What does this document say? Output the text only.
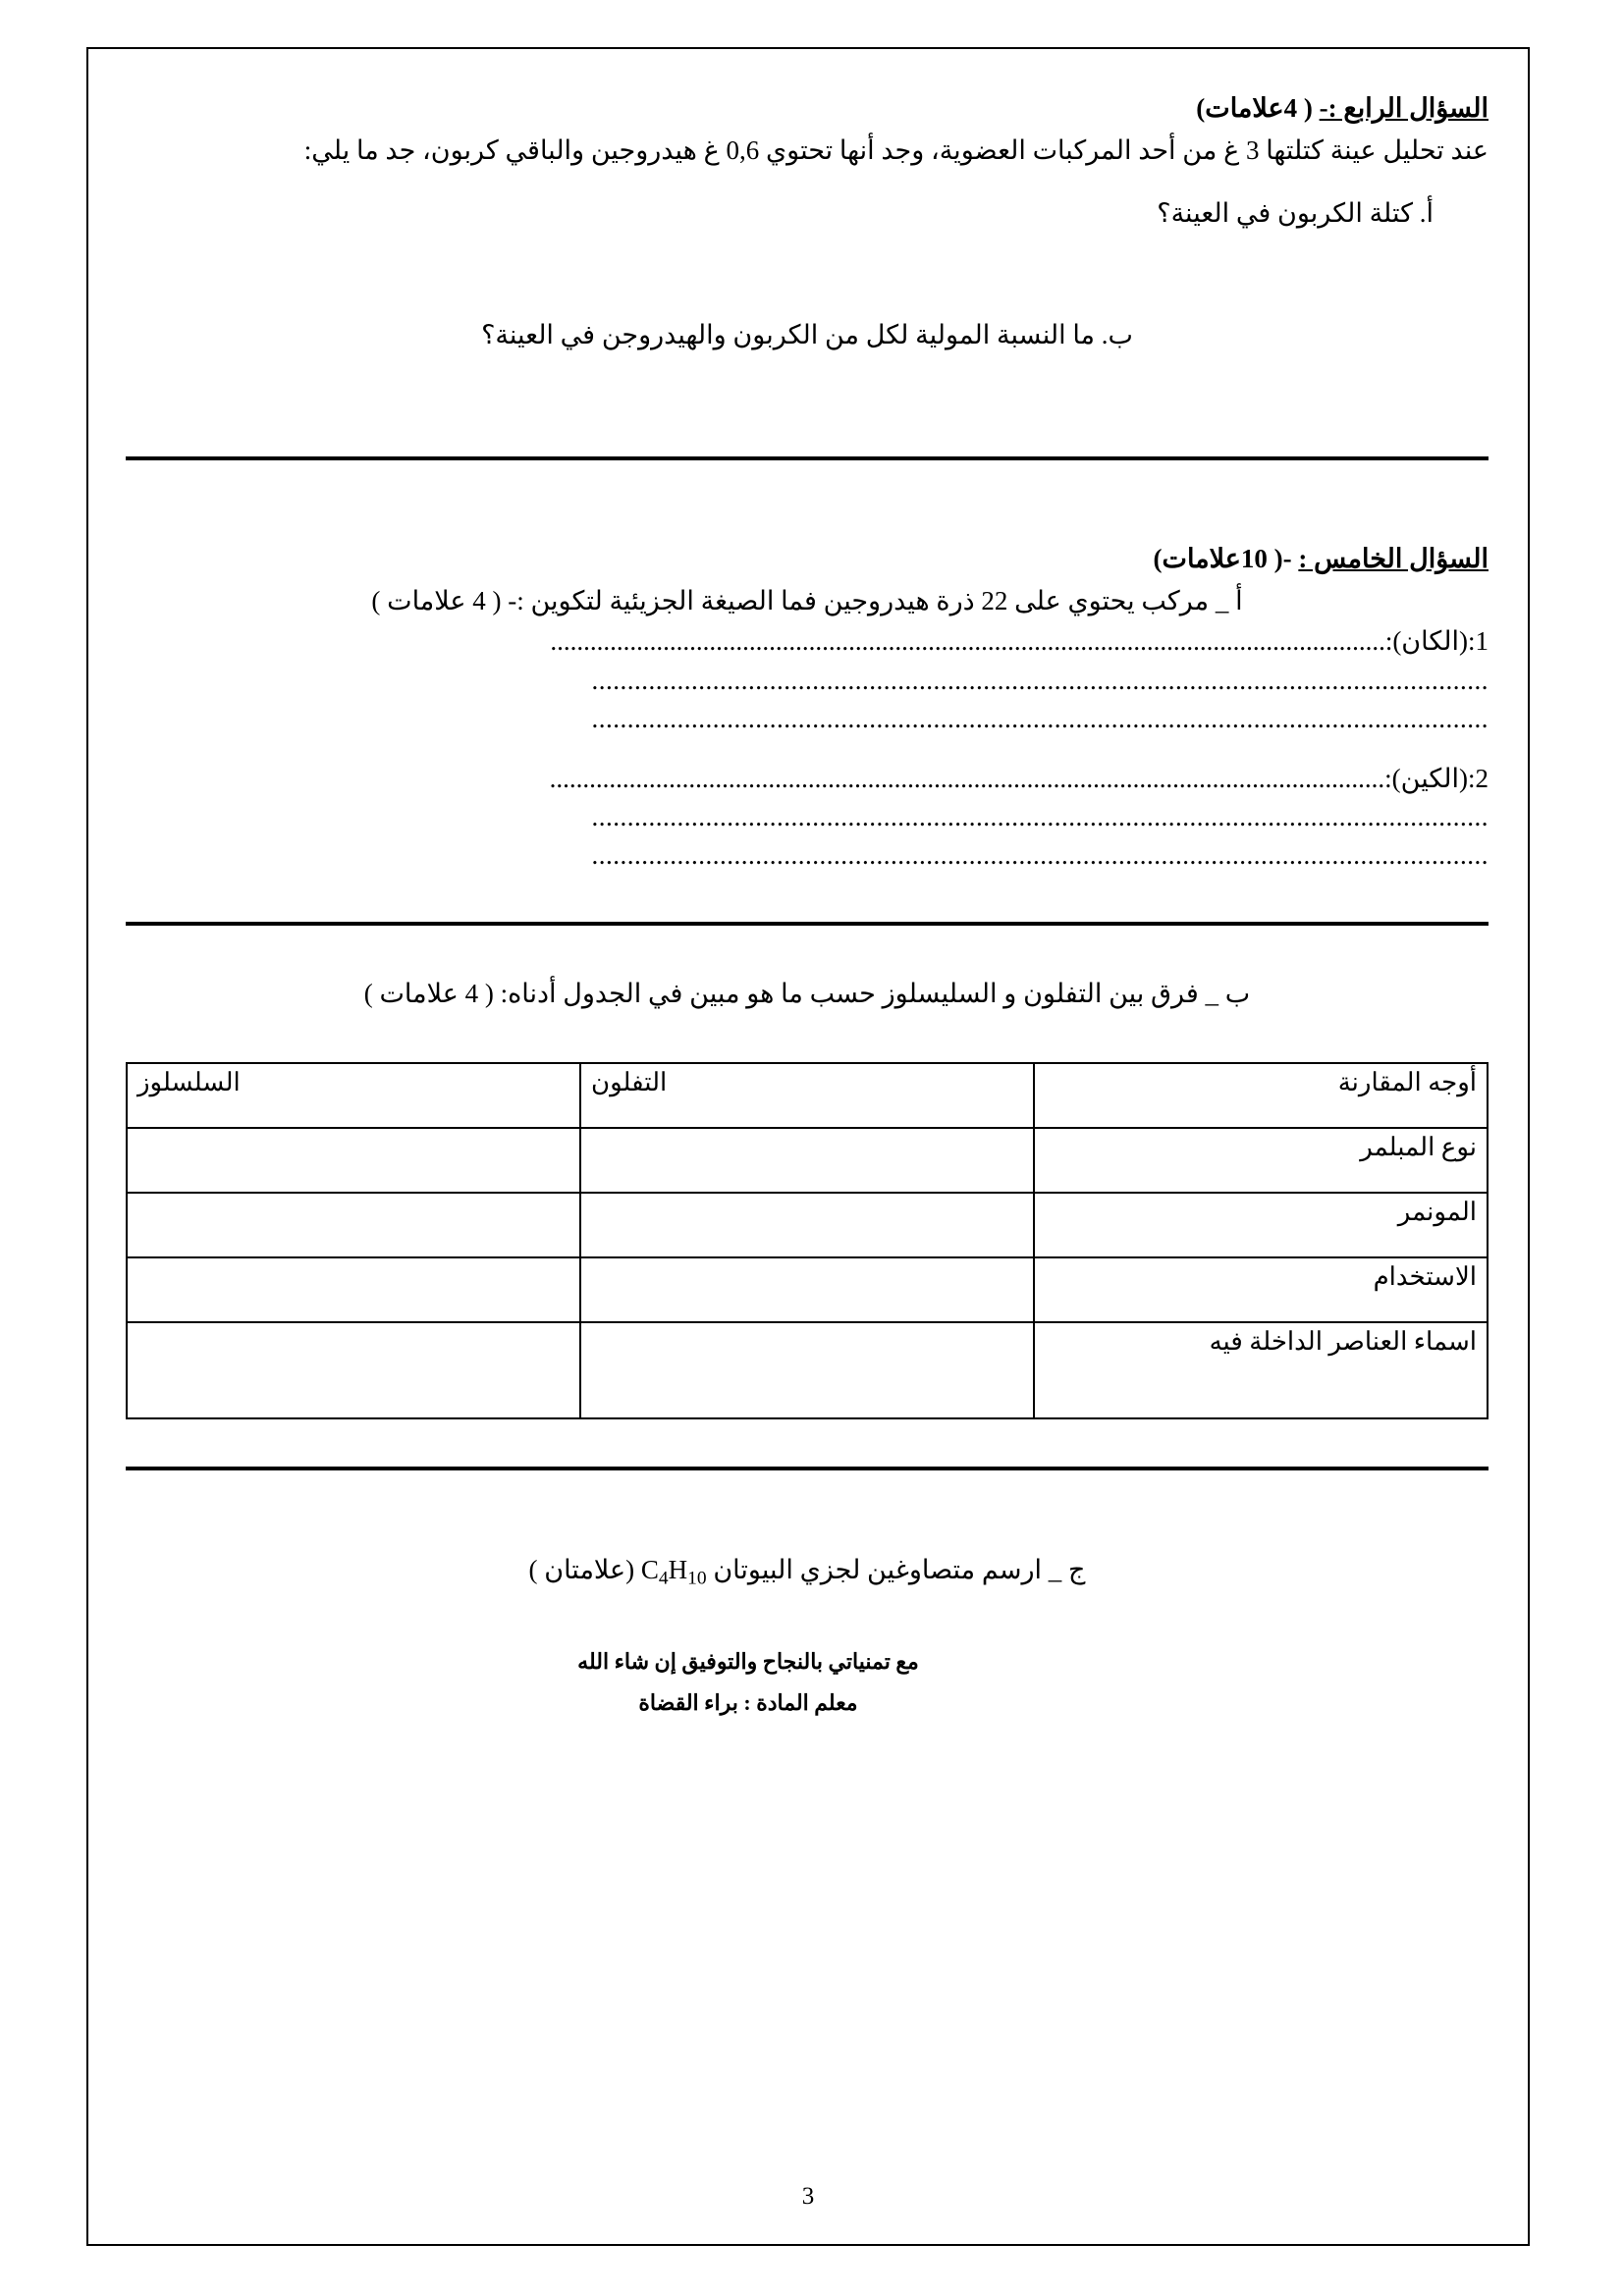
السؤال الرابع :- ( 4علامات)

عند تحليل عينة كتلتها 3 غ من أحد المركبات العضوية، وجد أنها تحتوي 0,6 غ هيدروجين والباقي كربون، جد ما يلي:

أ. كتلة الكربون في العينة؟

ب. ما النسبة المولية لكل من الكربون والهيدروجن في العينة؟

السؤال الخامس : -( 10علامات)

أ _ مركب يحتوي على 22 ذرة هيدروجين فما الصيغة الجزيئية لتكوين :- ( 4 علامات )

1:(الكان):..............................................................................................................................

..............................................................................................................................

..............................................................................................................................

2:(الكين):..............................................................................................................................

..............................................................................................................................

..............................................................................................................................

ب _ فرق بين التفلون و السليسلوز حسب ما هو مبين في الجدول أدناه: ( 4 علامات )

أوجه المقارنة	التفلون	السلسلوز
نوع المبلمر		
المونمر		
الاستخدام		
اسماء العناصر الداخلة فيه		

ج _ ارسم متصاوغين لجزي البيوتان $C_4H_{10}$ (علامتان )

مع تمنياتي بالنجاح والتوفيق إن شاء الله

معلم المادة : براء القضاة

3
